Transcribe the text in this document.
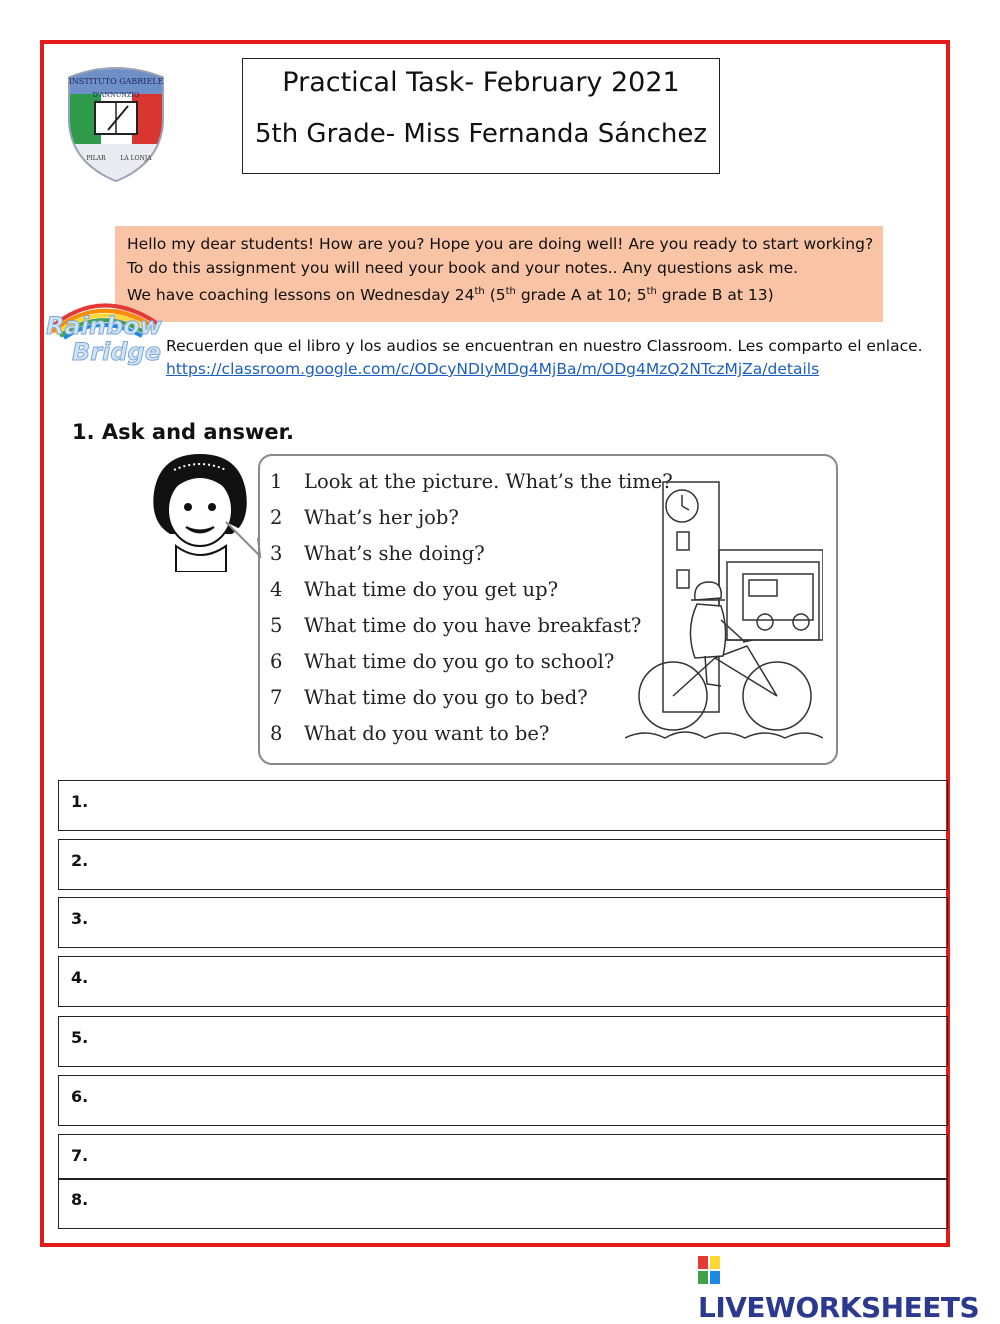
INSTITUTO GABRIELE
D'ANNUNZIO
PILAR LA LONJA
Practical Task- February 2021
5th Grade- Miss Fernanda Sánchez
Hello my dear students! How are you? Hope you are doing well! Are you ready to start working?
To do this assignment you will need your book and your notes.. Any questions ask me.
We have coaching lessons on Wednesday 24th (5th grade A at 10; 5th grade B at 13)
Rainbow
Bridge Recuerden que el libro y los audios se encuentran en nuestro Classroom. Les comparto el enlace.
https://classroom.google.com/c/ODcyNDIyMDg4MjBa/m/ODg4MzQ2NTczMjZa/details
1. Ask and answer.
1 Look at the picture. What’s the time?
2 What’s her job?
3 What’s she doing?
4 What time do you get up?
5 What time do you have breakfast?
6 What time do you go to school?
7 What time do you go to bed?
8 What do you want to be?
1.
2.
3.
4.
5.
6.
7.
8.
LIVEWORKSHEETS
